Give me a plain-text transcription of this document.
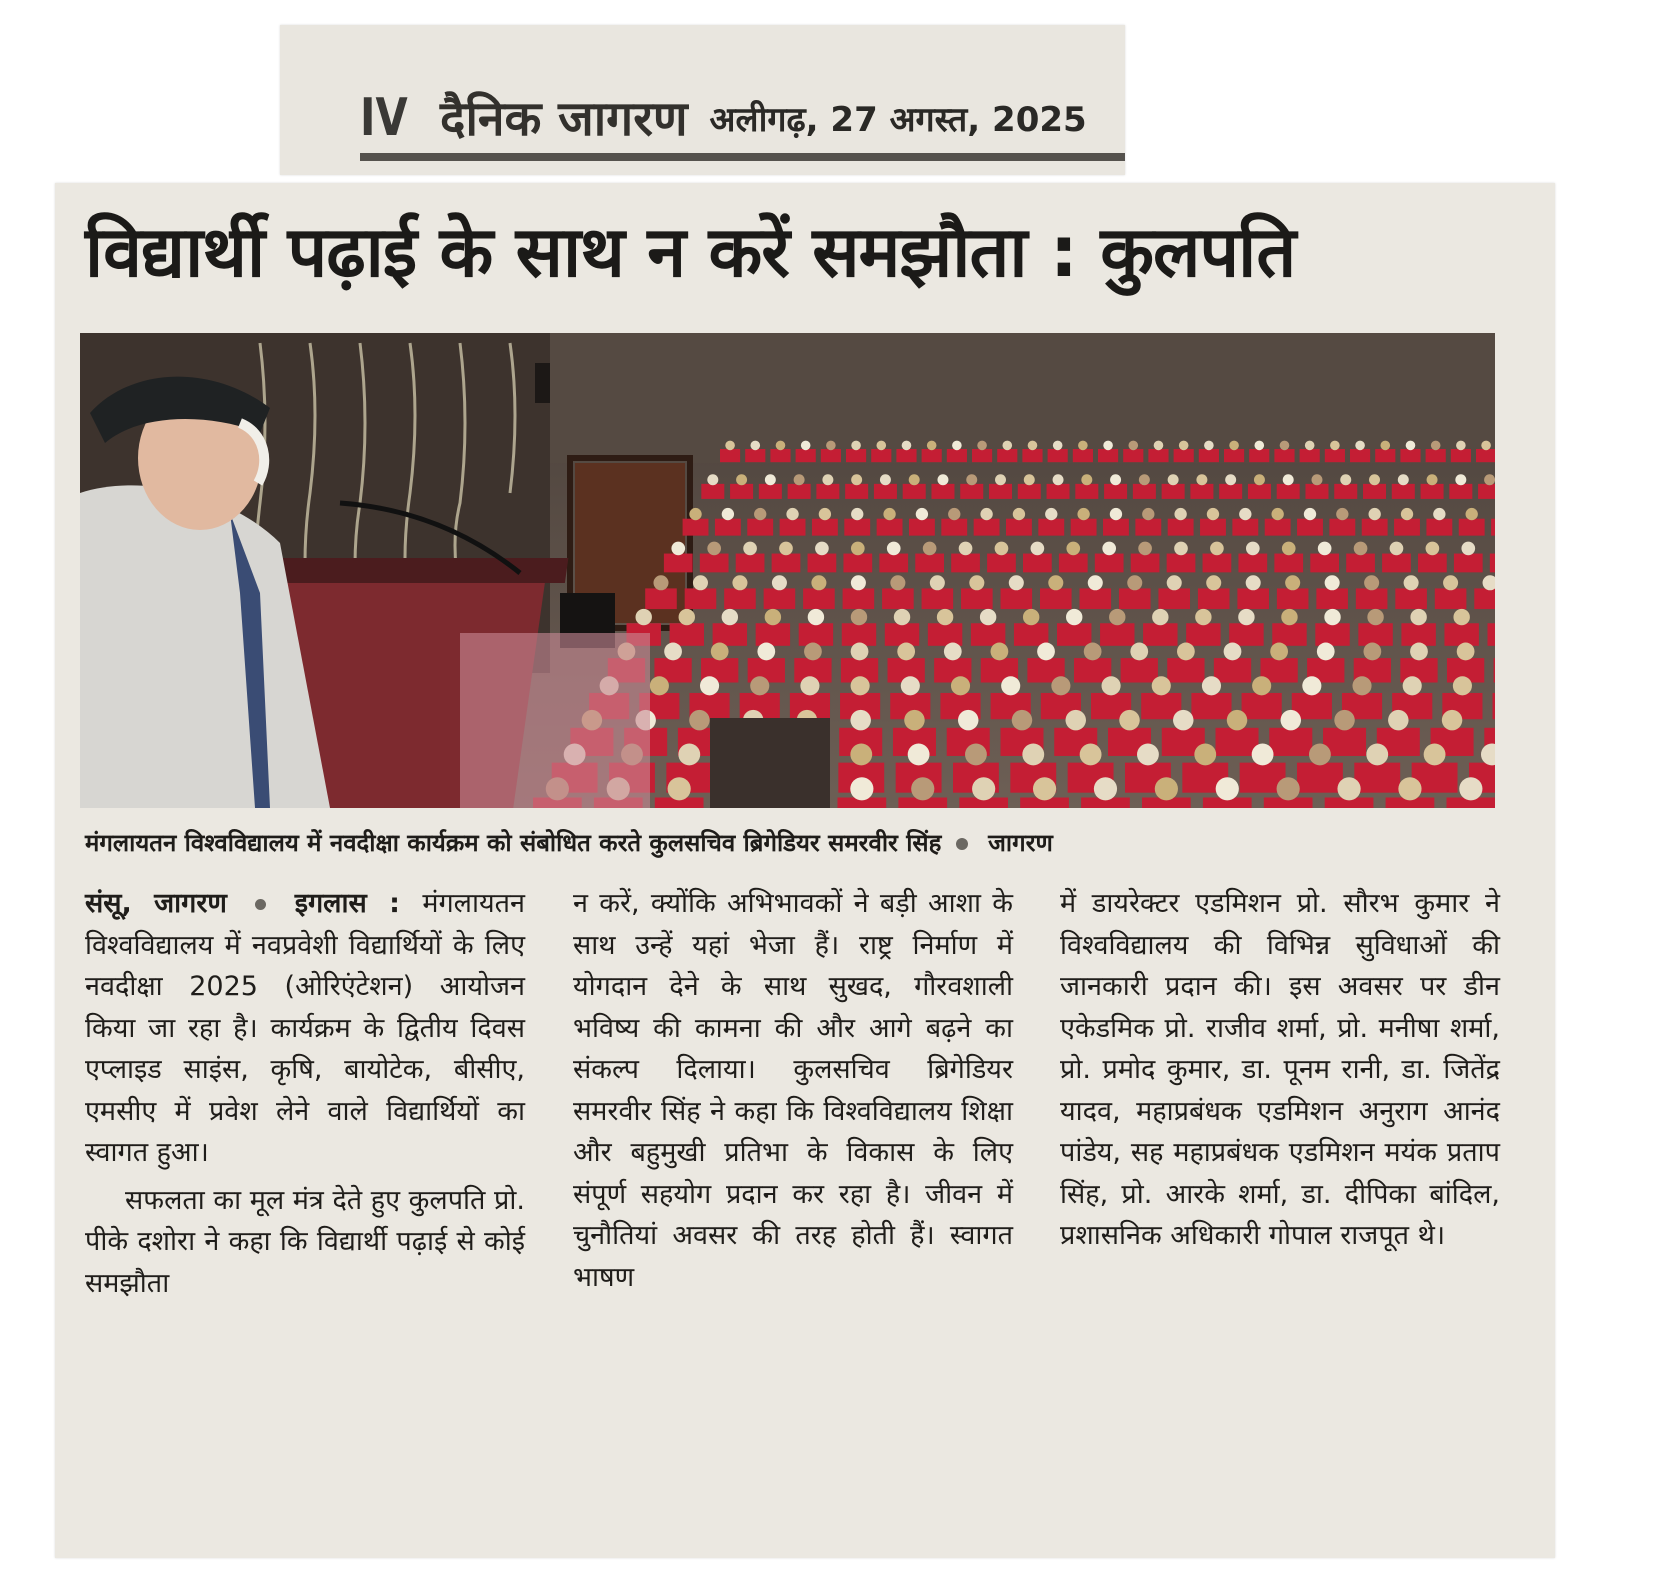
IV दैनिक जागरण अलीगढ़, 27 अगस्त, 2025
विद्यार्थी पढ़ाई के साथ न करें समझौता : कुलपति
मंगलायतन विश्वविद्यालय में नवदीक्षा कार्यक्रम को संबोधित करते कुलसचिव ब्रिगेडियर समरवीर सिंह जागरण

संसू, जागरण	इगलास : मंगलायतन विश्वविद्यालय में नवप्रवेशी विद्यार्थियों के लिए नवदीक्षा 2025 (ओरिएंटेशन) आयोजन किया जा रहा है। कार्यक्रम के द्वितीय दिवस एप्लाइड साइंस, कृषि, बायोटेक, बीसीए, एमसीए में प्रवेश लेने वाले विद्यार्थियों का स्वागत हुआ।

सफलता का मूल मंत्र देते हुए कुलपति प्रो. पीके दशोरा ने कहा कि विद्यार्थी पढ़ाई से कोई समझौता

न करें, क्योंकि अभिभावकों ने बड़ी आशा के साथ उन्हें यहां भेजा हैं। राष्ट्र निर्माण में योगदान देने के साथ सुखद, गौरवशाली भविष्य की कामना की और आगे बढ़ने का संकल्प दिलाया। कुलसचिव ब्रिगेडियर समरवीर सिंह ने कहा कि विश्वविद्यालय शिक्षा और बहुमुखी प्रतिभा के विकास के लिए संपूर्ण सहयोग प्रदान कर रहा है। जीवन में चुनौतियां अवसर की तरह होती हैं। स्वागत भाषण

में डायरेक्टर एडमिशन प्रो. सौरभ कुमार ने विश्वविद्यालय की विभिन्न सुविधाओं की जानकारी प्रदान की। इस अवसर पर डीन एकेडमिक प्रो. राजीव शर्मा, प्रो. मनीषा शर्मा, प्रो. प्रमोद कुमार, डा. पूनम रानी, डा. जितेंद्र यादव, महाप्रबंधक एडमिशन अनुराग आनंद पांडेय, सह महाप्रबंधक एडमिशन मयंक प्रताप सिंह, प्रो. आरके शर्मा, डा. दीपिका बांदिल, प्रशासनिक अधिकारी गोपाल राजपूत थे।
